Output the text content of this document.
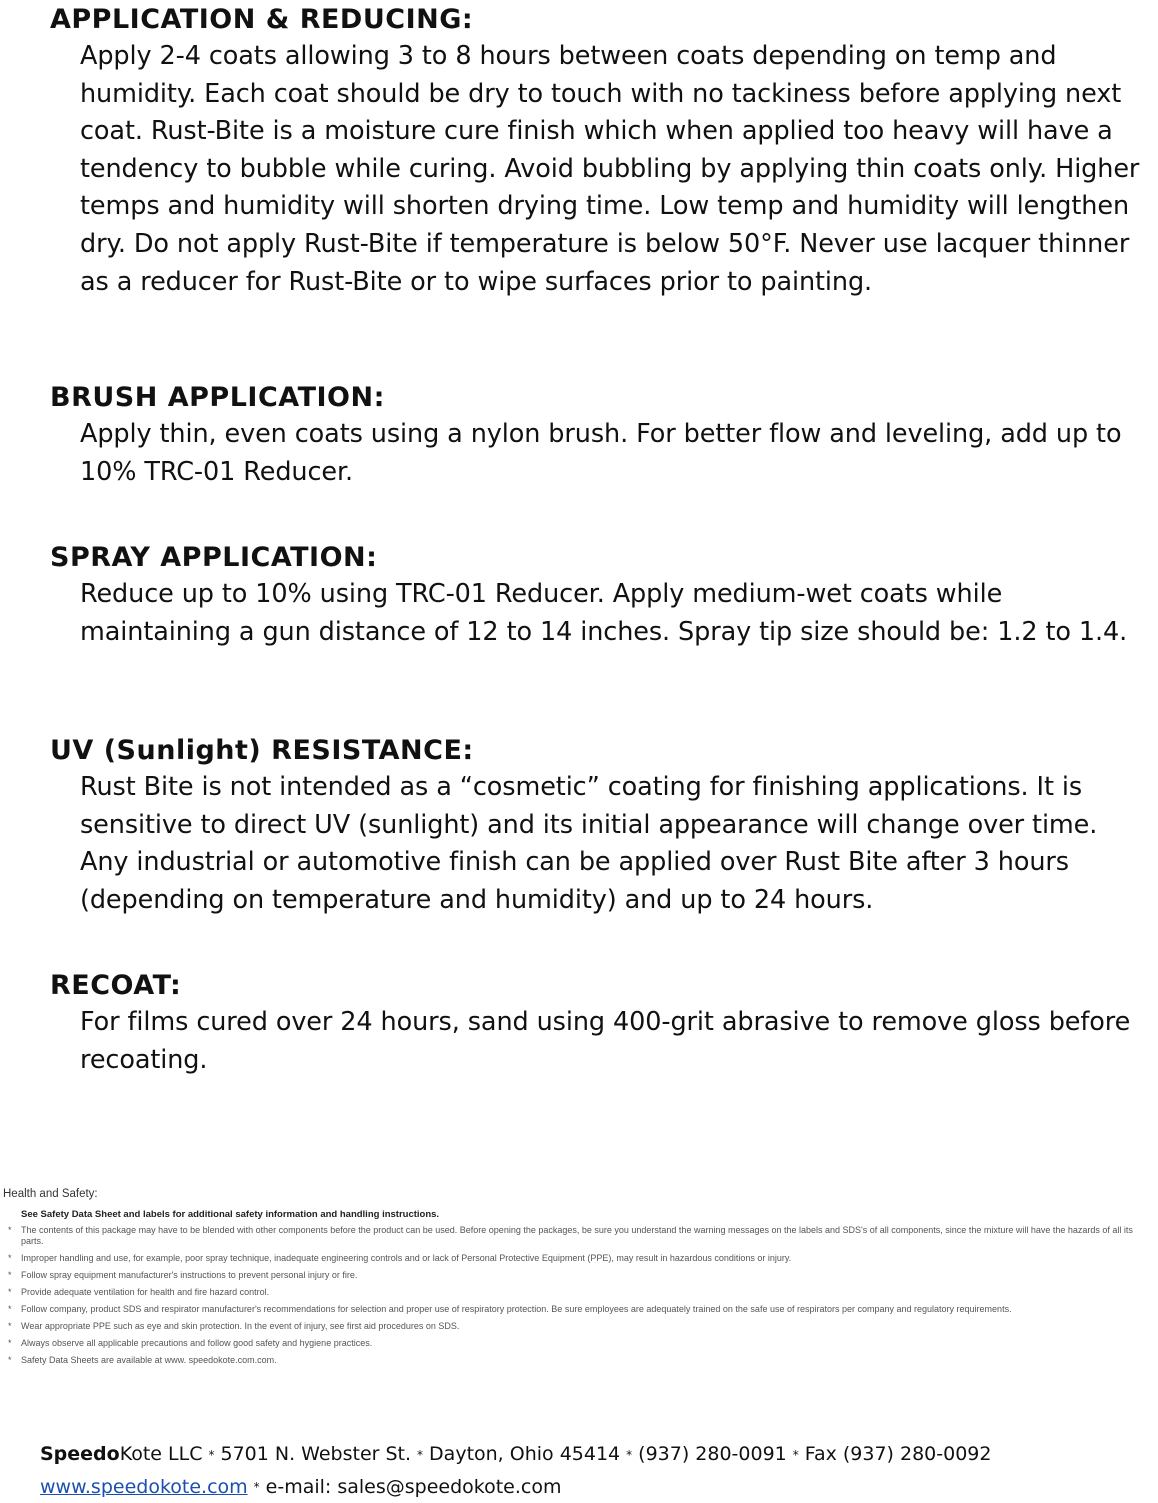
APPLICATION & REDUCING:

Apply 2-4 coats allowing 3 to 8 hours between coats depending on temp and humidity. Each coat should be dry to touch with no tackiness before applying next coat. Rust-Bite is a moisture cure finish which when applied too heavy will have a tendency to bubble while curing. Avoid bubbling by applying thin coats only. Higher temps and humidity will shorten drying time. Low temp and humidity will lengthen dry. Do not apply Rust-Bite if temperature is below 50°F. Never use lacquer thinner as a reducer for Rust-Bite or to wipe surfaces prior to painting.

BRUSH APPLICATION:

Apply thin, even coats using a nylon brush. For better flow and leveling, add up to 10% TRC-01 Reducer.

SPRAY APPLICATION:

Reduce up to 10% using TRC-01 Reducer. Apply medium-wet coats while maintaining a gun distance of 12 to 14 inches. Spray tip size should be: 1.2 to 1.4.

UV (Sunlight) RESISTANCE:

Rust Bite is not intended as a “cosmetic” coating for finishing applications. It is sensitive to direct UV (sunlight) and its initial appearance will change over time. Any industrial or automotive finish can be applied over Rust Bite after 3 hours (depending on temperature and humidity) and up to 24 hours.

RECOAT:

For films cured over 24 hours, sand using 400-grit abrasive to remove gloss before recoating.

Health and Safety:

See Safety Data Sheet and labels for additional safety information and handling instructions.

* The contents of this package may have to be blended with other components before the product can be used. Before opening the packages, be sure you understand the warning messages on the labels and SDS's of all components, since the mixture will have the hazards of all its parts.
* Improper handling and use, for example, poor spray technique, inadequate engineering controls and or lack of Personal Protective Equipment (PPE), may result in hazardous conditions or injury.
* Follow spray equipment manufacturer's instructions to prevent personal injury or fire.
* Provide adequate ventilation for health and fire hazard control.
* Follow company, product SDS and respirator manufacturer's recommendations for selection and proper use of respiratory protection. Be sure employees are adequately trained on the safe use of respirators per company and regulatory requirements.
* Wear appropriate PPE such as eye and skin protection. In the event of injury, see first aid procedures on SDS.
* Always observe all applicable precautions and follow good safety and hygiene practices.
* Safety Data Sheets are available at www. speedokote.com.com.
SpeedoKote LLC * 5701 N. Webster St. * Dayton, Ohio 45414 * (937) 280-0091 * Fax (937) 280-0092
www.speedokote.com * e-mail: sales@speedokote.com
